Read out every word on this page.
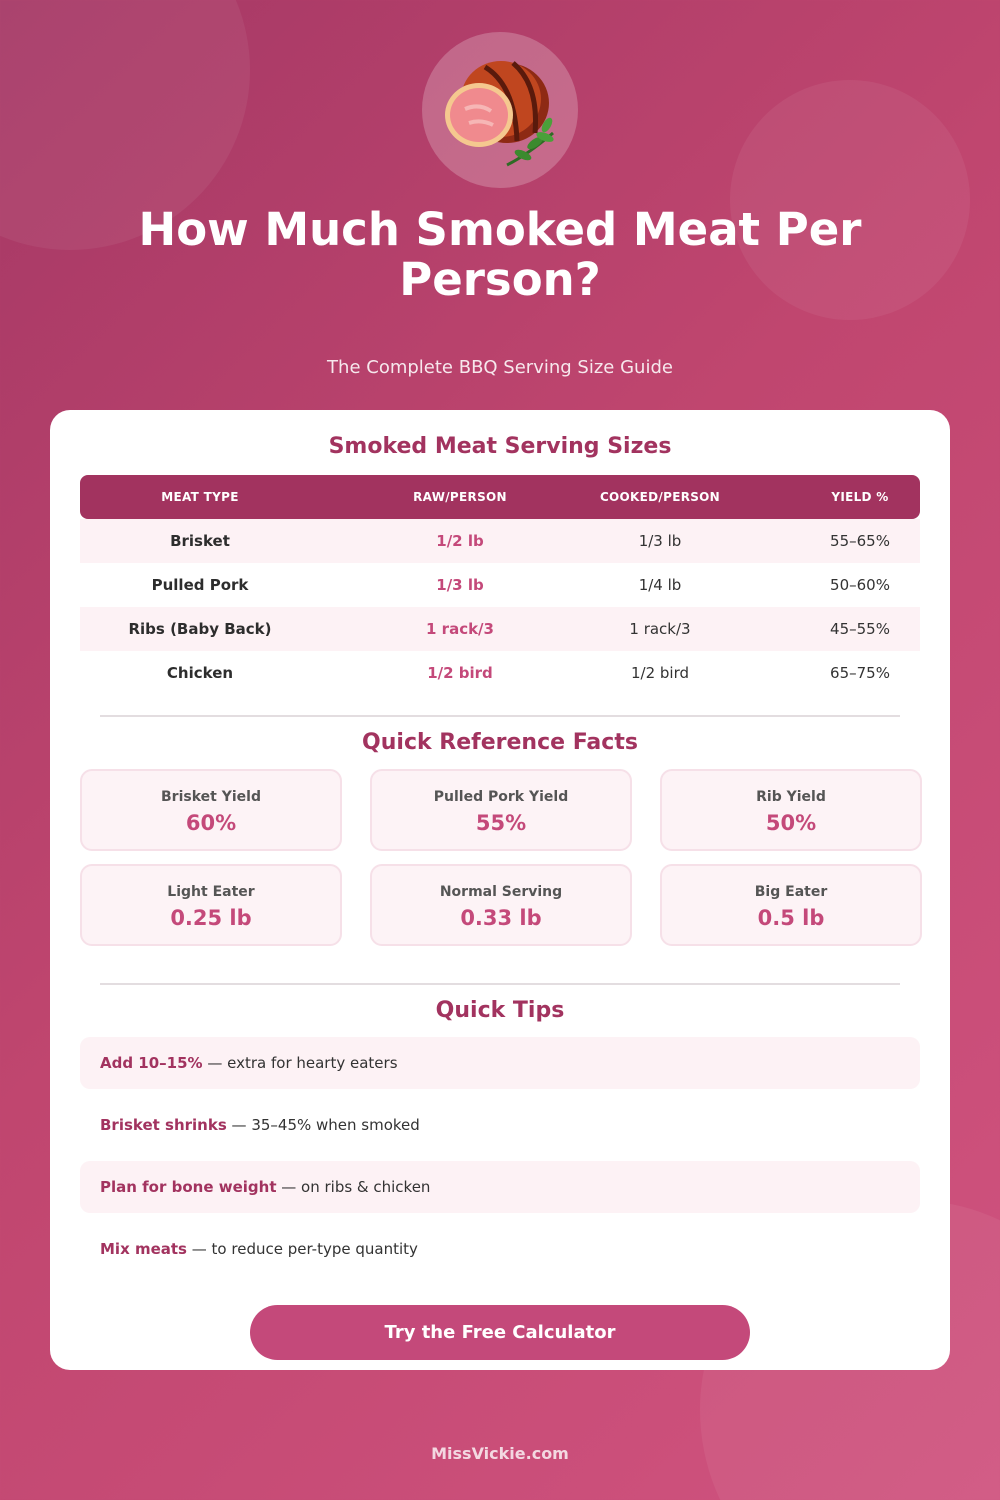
How Much Smoked Meat Per Person?

The Complete BBQ Serving Size Guide

Smoked Meat Serving Sizes
MEAT TYPE	RAW/PERSON	COOKED/PERSON	YIELD %
Brisket	1/2 lb	1/3 lb	55–65%
Pulled Pork	1/3 lb	1/4 lb	50–60%
Ribs (Baby Back)	1 rack/3	1 rack/3	45–55%
Chicken	1/2 bird	1/2 bird	65–75%
Quick Reference Facts
Brisket Yield
60%
Pulled Pork Yield
55%
Rib Yield
50%
Light Eater
0.25 lb
Normal Serving
0.33 lb
Big Eater
0.5 lb
Quick Tips
Add 10–15% — extra for hearty eaters
Brisket shrinks — 35–45% when smoked
Plan for bone weight — on ribs & chicken
Mix meats — to reduce per-type quantity
Try the Free Calculator
MissVickie.com
